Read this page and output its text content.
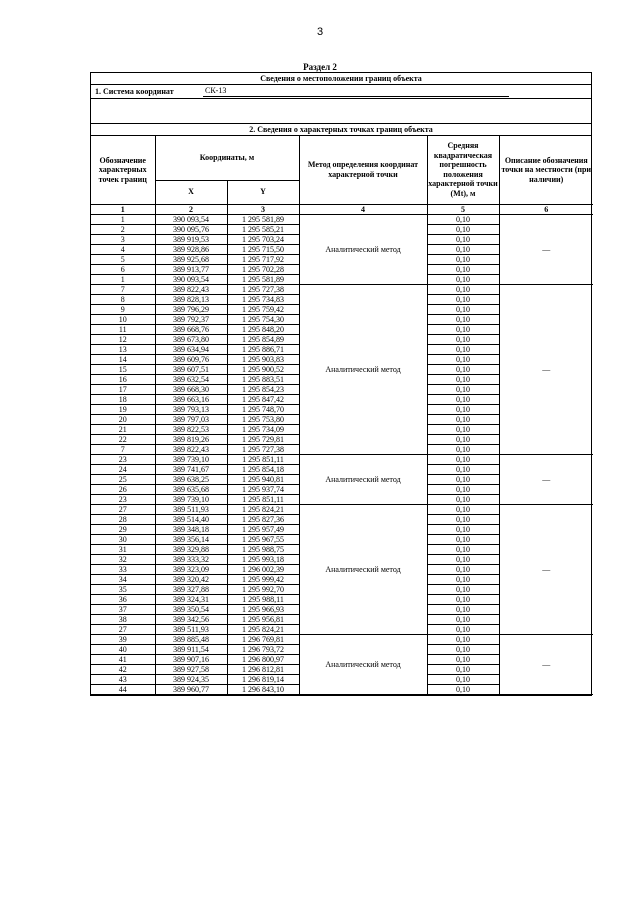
3
Раздел 2
Сведения о местоположении границ объекта
1. Система координат	СК-13
2. Сведения о характерных точках границ объекта
Обозначение характерных точек границ	Координаты, м		Метод определения координат характерной точки	Средняя квадратическая погрешность положения характерной точки (Mt), м	Описание обозначения точки на местности (при наличии)
	X	Y			
1	2	3	4	5	6
1	390 093,54	1 295 581,89	Аналитический метод	0,10	—
2	390 095,76	1 295 585,21		0,10	
3	389 919,53	1 295 703,24		0,10	
4	389 928,86	1 295 715,50		0,10	
5	389 925,68	1 295 717,92		0,10	
6	389 913,77	1 295 702,28		0,10	
1	390 093,54	1 295 581,89		0,10	
7	389 822,43	1 295 727,38	Аналитический метод	0,10	—
8	389 828,13	1 295 734,83		0,10	
9	389 796,29	1 295 759,42		0,10	
10	389 792,37	1 295 754,30		0,10	
11	389 668,76	1 295 848,20		0,10	
12	389 673,80	1 295 854,89		0,10	
13	389 634,94	1 295 886,71		0,10	
14	389 609,76	1 295 903,83		0,10	
15	389 607,51	1 295 900,52		0,10	
16	389 632,54	1 295 883,51		0,10	
17	389 668,30	1 295 854,23		0,10	
18	389 663,16	1 295 847,42		0,10	
19	389 793,13	1 295 748,70		0,10	
20	389 797,03	1 295 753,80		0,10	
21	389 822,53	1 295 734,09		0,10	
22	389 819,26	1 295 729,81		0,10	
7	389 822,43	1 295 727,38		0,10	
23	389 739,10	1 295 851,11	Аналитический метод	0,10	—
24	389 741,67	1 295 854,18		0,10	
25	389 638,25	1 295 940,81		0,10	
26	389 635,68	1 295 937,74		0,10	
23	389 739,10	1 295 851,11		0,10	
27	389 511,93	1 295 824,21	Аналитический метод	0,10	—
28	389 514,40	1 295 827,36		0,10	
29	389 348,18	1 295 957,49		0,10	
30	389 356,14	1 295 967,55		0,10	
31	389 329,88	1 295 988,75		0,10	
32	389 333,32	1 295 993,18		0,10	
33	389 323,09	1 296 002,39		0,10	
34	389 320,42	1 295 999,42		0,10	
35	389 327,88	1 295 992,70		0,10	
36	389 324,31	1 295 988,11		0,10	
37	389 350,54	1 295 966,93		0,10	
38	389 342,56	1 295 956,81		0,10	
27	389 511,93	1 295 824,21		0,10	
39	389 885,48	1 296 769,81	Аналитический метод	0,10	—
40	389 911,54	1 296 793,72		0,10	
41	389 907,16	1 296 800,97		0,10	
42	389 927,58	1 296 812,81		0,10	
43	389 924,35	1 296 819,14		0,10	
44	389 960,77	1 296 843,10		0,10	
